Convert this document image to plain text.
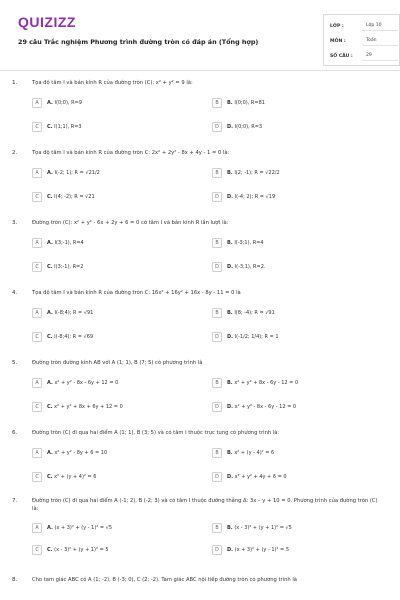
QUIZIZZ
29 câu Trắc nghiệm Phương trình đường tròn có đáp án (Tổng hợp)
LỚP :	Lớp 10
MÔN :	Toán
SỐ CÂU :	29
1.	Tọa độ tâm I và bán kính R của đường tròn (C): x² + y² = 9 là:
A	A. I(0;0), R=9	B	B. I(0;0), R=81
C	C. I(1;1), R=3	D	D. I(0;0), R=3
2.	Tọa độ tâm I và bán kính R của đường tròn C: 2x² + 2y² - 8x + 4y - 1 = 0 là:
A	A. I(-2; 1); R = √21/2	B	B. I(2; -1); R = √22/2
C	C. I(4; -2); R = √21	D	D. I(-4; 2); R = √19
3.	Đường tròn (C): x² + y² - 6x + 2y + 6 = 0 có tâm I và bán kính R lần lượt là:
A	A. I(3;-1), R=4	B	B. I(-3;1), R=4
C	C. I(3;-1), R=2	D	D. I(-3;1), R=2.
4.	Tọa độ tâm I và bán kính R của đường tròn C: 16x² + 16y² + 16x - 8y - 11 = 0 là
A	A. I(-8;4); R = √91	B	B. I(8; -4); R = √91
C	C. I(-8;4); R = √69	D	D. I(-1/2; 1/4); R = 1
5.	Đường tròn đường kính AB với A (1; 1), B (7; 5) có phương trình là
A	A. x² + y² - 8x - 6y + 12 = 0	B	B. x² + y² + 8x - 6y - 12 = 0
C	C. x² + y² + 8x + 6y + 12 = 0	D	D. x² + y² - 8x - 6y - 12 = 0
6.	Đường tròn (C) đi qua hai điểm A (1; 1), B (3; 5) và có tâm I thuộc trục tung có phương trình là:
A	A. x² + y² - 8y + 6 = 10	B	B. x² + (y - 4)² = 6
C	C. x² + (y + 4)² = 6	D	D. x² + y² + 4y + 6 = 0
7.	Đường tròn (C) đi qua hai điểm A (-1; 2), B (-2; 3) và có tâm I thuộc đường thẳng Δ: 3x – y + 10 = 0. Phương trình của đường tròn (C) là:
A	A. (x + 3)² + (y - 1)² = √5	B	B. (x - 3)² + (y + 1)² = √5
C	C. (x - 3)² + (y + 1)² = 5	D	D. (x + 3)² + (y - 1)² = 5
8.	Cho tam giác ABC có A (1; -2), B (-3; 0), C (2; -2). Tam giác ABC nội tiếp đường tròn có phương trình là
